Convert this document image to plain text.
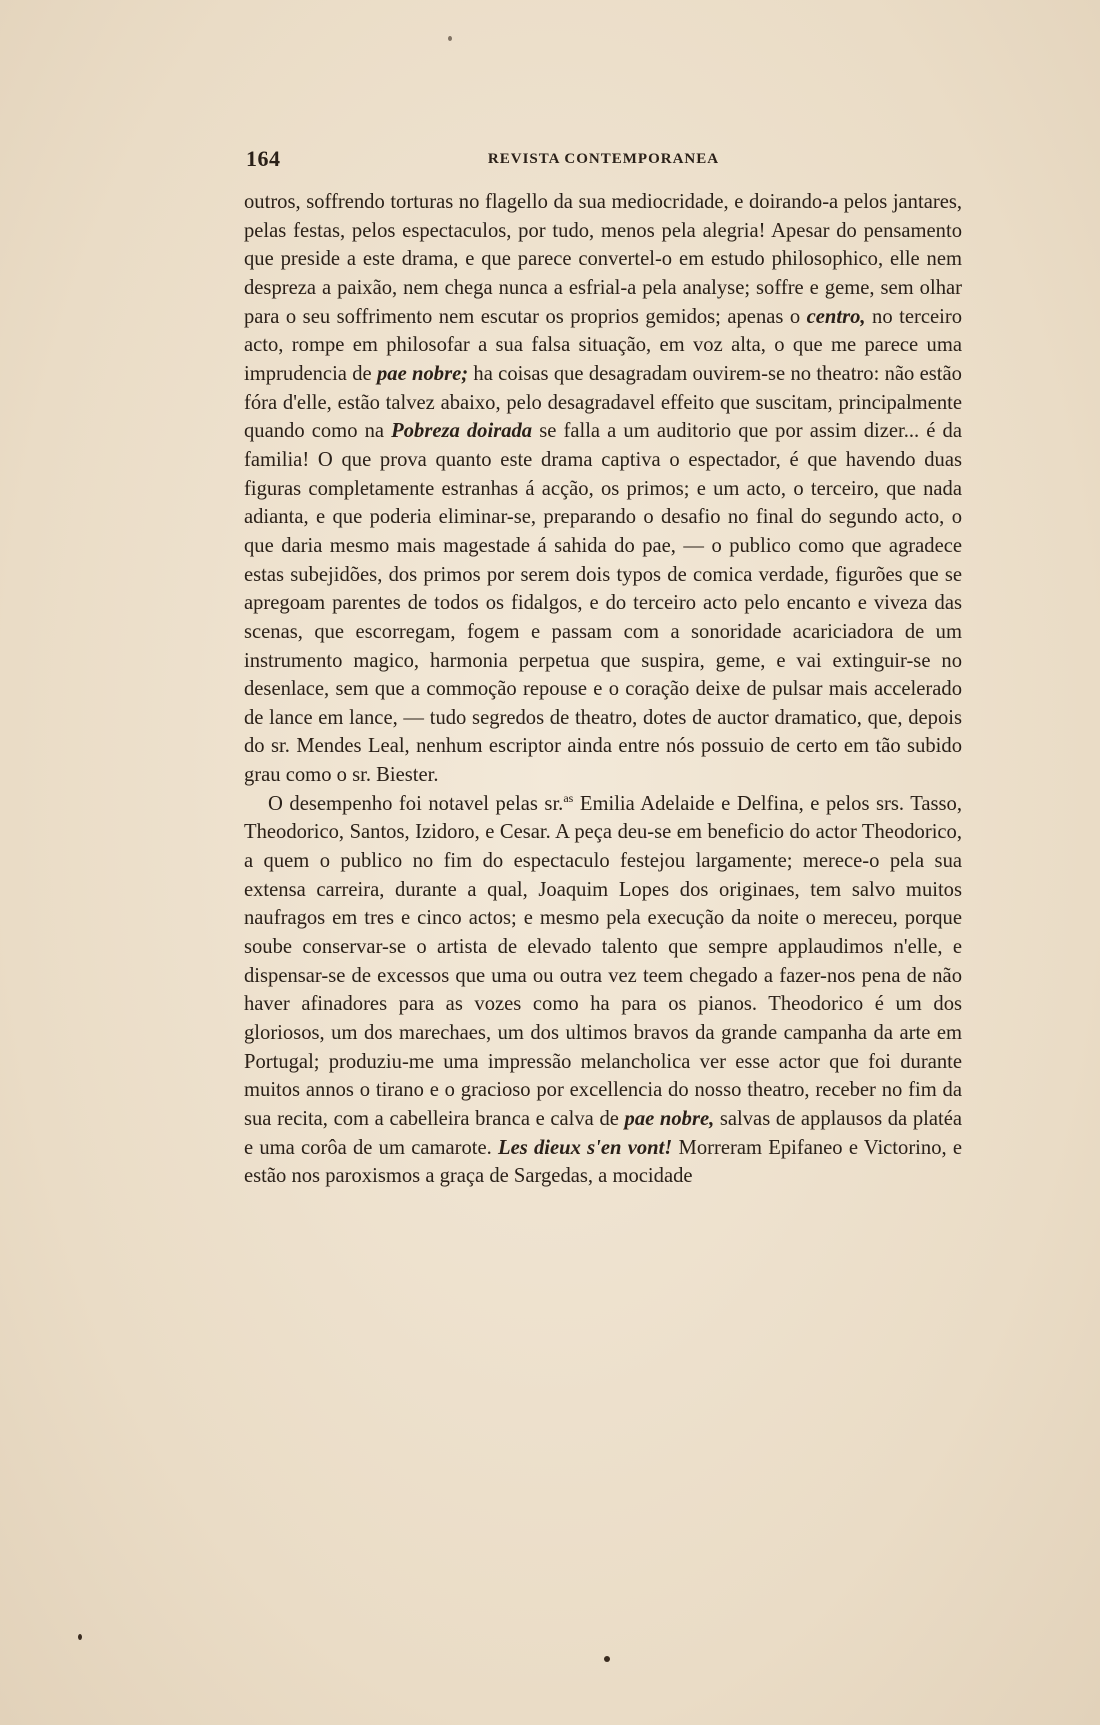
164	REVISTA CONTEMPORANEA

outros, soffrendo torturas no flagello da sua mediocridade, e doirando-a pelos jantares, pelas festas, pelos espectaculos, por tudo, menos pela alegria! Apesar do pensamento que preside a este drama, e que parece convertel-o em estudo philosophico, elle nem despreza a paixão, nem chega nunca a esfrial-a pela analyse; soffre e geme, sem olhar para o seu soffrimento nem escutar os proprios gemidos; apenas o centro, no terceiro acto, rompe em philosofar a sua falsa situação, em voz alta, o que me parece uma imprudencia de pae nobre; ha coisas que desagradam ouvirem-se no theatro: não estão fóra d'elle, estão talvez abaixo, pelo desagradavel effeito que suscitam, principalmente quando como na Pobreza doirada se falla a um auditorio que por assim dizer... é da familia! O que prova quanto este drama captiva o espectador, é que havendo duas figuras completamente estranhas á acção, os primos; e um acto, o terceiro, que nada adianta, e que poderia eliminar-se, preparando o desafio no final do segundo acto, o que daria mesmo mais magestade á sahida do pae, — o publico como que agradece estas subejidões, dos primos por serem dois typos de comica verdade, figurões que se apregoam parentes de todos os fidalgos, e do terceiro acto pelo encanto e viveza das scenas, que escorregam, fogem e passam com a sonoridade acariciadora de um instrumento magico, harmonia perpetua que suspira, geme, e vai extinguir-se no desenlace, sem que a commoção repouse e o coração deixe de pulsar mais accelerado de lance em lance, — tudo segredos de theatro, dotes de auctor dramatico, que, depois do sr. Mendes Leal, nenhum escriptor ainda entre nós possuio de certo em tão subido grau como o sr. Biester.

O desempenho foi notavel pelas sr.$^{as}$ Emilia Adelaide e Delfina, e pelos srs. Tasso, Theodorico, Santos, Izidoro, e Cesar. A peça deu-se em beneficio do actor Theodorico, a quem o publico no fim do espectaculo festejou largamente; merece-o pela sua extensa carreira, durante a qual, Joaquim Lopes dos originaes, tem salvo muitos naufragos em tres e cinco actos; e mesmo pela execução da noite o mereceu, porque soube conservar-se o artista de elevado talento que sempre applaudimos n'elle, e dispensar-se de excessos que uma ou outra vez teem chegado a fazer-nos pena de não haver afinadores para as vozes como ha para os pianos. Theodorico é um dos gloriosos, um dos marechaes, um dos ultimos bravos da grande campanha da arte em Portugal; produziu-me uma impressão melancholica ver esse actor que foi durante muitos annos o tirano e o gracioso por excellencia do nosso theatro, receber no fim da sua recita, com a cabelleira branca e calva de pae nobre, salvas de applausos da platéa e uma corôa de um camarote. Les dieux s'en vont! Morreram Epifaneo e Victorino, e estão nos paroxismos a graça de Sargedas, a mocidade
